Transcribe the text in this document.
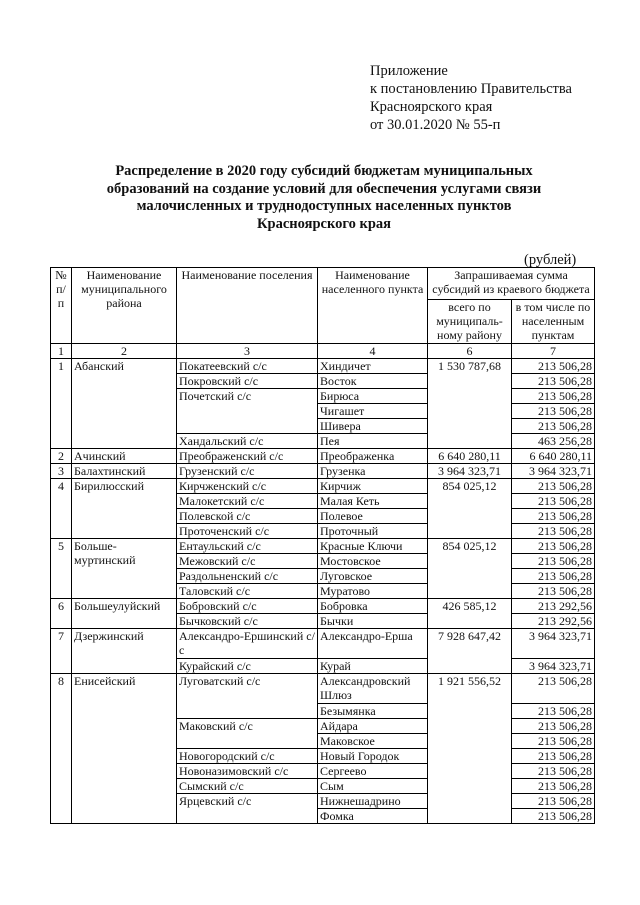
Приложение
к постановлению Правительства
Красноярского края
от 30.01.2020 № 55-п
Распределение в 2020 году субсидий бюджетам муниципальных
образований на создание условий для обеспечения услугами связи
малочисленных и труднодоступных населенных пунктов
Красноярского края
(рублей)
№ п/п	Наименование муниципального района	Наименование поселения	Наименование населенного пункта	Запрашиваемая сумма субсидий из краевого бюджета	
				всего по муниципаль-ному району	в том числе по населенным пунктам
1	2	3	4	6	7
1	Абанский	Покатеевский с/с	Хиндичет	1 530 787,68	213 506,28
		Покровский с/с	Восток		213 506,28
		Почетский с/с	Бирюса		213 506,28
			Чигашет		213 506,28
			Шивера		213 506,28
		Хандальский с/с	Пея		463 256,28
2	Ачинский	Преображенский с/с	Преображенка	6 640 280,11	6 640 280,11
3	Балахтинский	Грузенский с/с	Грузенка	3 964 323,71	3 964 323,71
4	Бирилюсский	Кирчженский с/с	Кирчиж	854 025,12	213 506,28
		Малокетский с/с	Малая Кеть		213 506,28
		Полевской с/с	Полевое		213 506,28
		Проточенский с/с	Проточный		213 506,28
5	Больше-муртинский	Ентаульский с/с	Красные Ключи	854 025,12	213 506,28
		Межовский с/с	Мостовское		213 506,28
		Раздольненский с/с	Луговское		213 506,28
		Таловский с/с	Муратово		213 506,28
6	Большеулуйский	Бобровский с/с	Бобровка	426 585,12	213 292,56
		Бычковский с/с	Бычки		213 292,56
7	Дзержинский	Александро-Ершинский с/с	Александро-Ерша	7 928 647,42	3 964 323,71
		Курайский с/с	Курай		3 964 323,71
8	Енисейский	Луговатский с/с	Александровский Шлюз	1 921 556,52	213 506,28
			Безымянка		213 506,28
		Маковский с/с	Айдара		213 506,28
			Маковское		213 506,28
		Новогородский с/с	Новый Городок		213 506,28
		Новоназимовский с/с	Сергеево		213 506,28
		Сымский с/с	Сым		213 506,28
		Ярцевский с/с	Нижнешадрино		213 506,28
			Фомка		213 506,28
